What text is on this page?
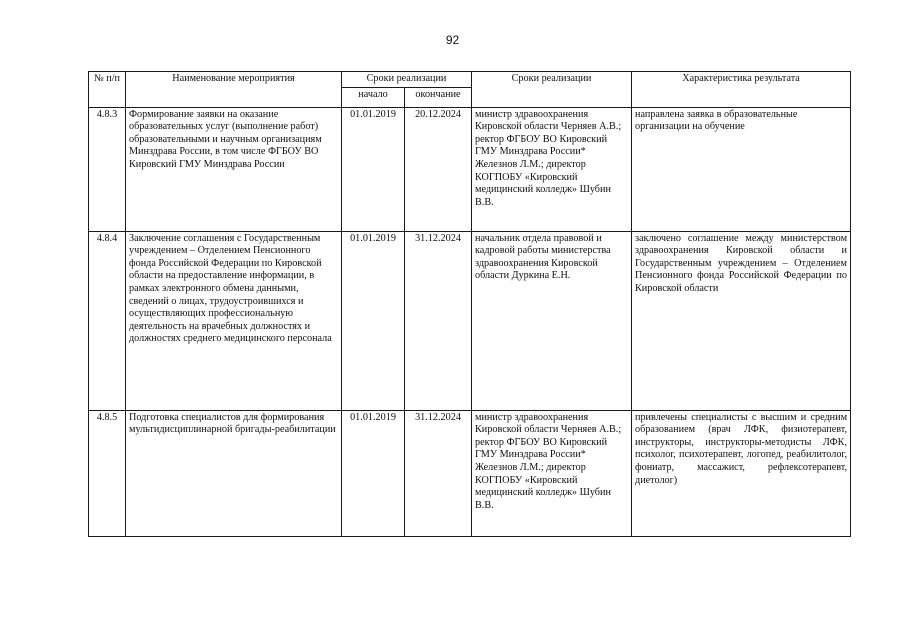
92
№ п/п	Наименование мероприятия	Сроки реализации		Сроки реализации	Характеристика результата
		начало	окончание		
4.8.3	Формирование заявки на оказание образовательных услуг (выполнение работ) образовательными и научным организациям Минздрава России, в том числе ФГБОУ ВО Кировский ГМУ Минздрава России	01.01.2019	20.12.2024	министр здравоохранения Кировской области Черняев А.В.; ректор ФГБОУ ВО Кировский ГМУ Минздрава России* Железнов Л.М.; директор КОГПОБУ «Кировский медицинский колледж» Шубин В.В.	направлена заявка в образовательные организации на обучение
4.8.4	Заключение соглашения с Государственным учреждением – Отделением Пенсионного фонда Российской Федерации по Кировской области на предоставление информации, в рамках электронного обмена данными, сведений о лицах, трудоустроившихся и осуществляющих профессиональную деятельность на врачебных должностях и должностях среднего медицинского персонала	01.01.2019	31.12.2024	начальник отдела правовой и кадровой работы министерства здравоохранения Кировской области Дуркина Е.Н.	заключено соглашение между министерством здравоохранения Кировской области и Государственным учреждением – Отделением Пенсионного фонда Российской Федерации по Кировской области
4.8.5	Подготовка специалистов для формирования мультидисциплинарной бригады-реабилитации	01.01.2019	31.12.2024	министр здравоохранения Кировской области Черняев А.В.; ректор ФГБОУ ВО Кировский ГМУ Минздрава России* Железнов Л.М.; директор КОГПОБУ «Кировский медицинский колледж» Шубин В.В.	привлечены специалисты с высшим и средним образованием (врач ЛФК, физиотерапевт, инструкторы, инструкторы-методисты ЛФК, психолог, психотерапевт, логопед, реабилитолог, фониатр, массажист, рефлексотерапевт, диетолог)
